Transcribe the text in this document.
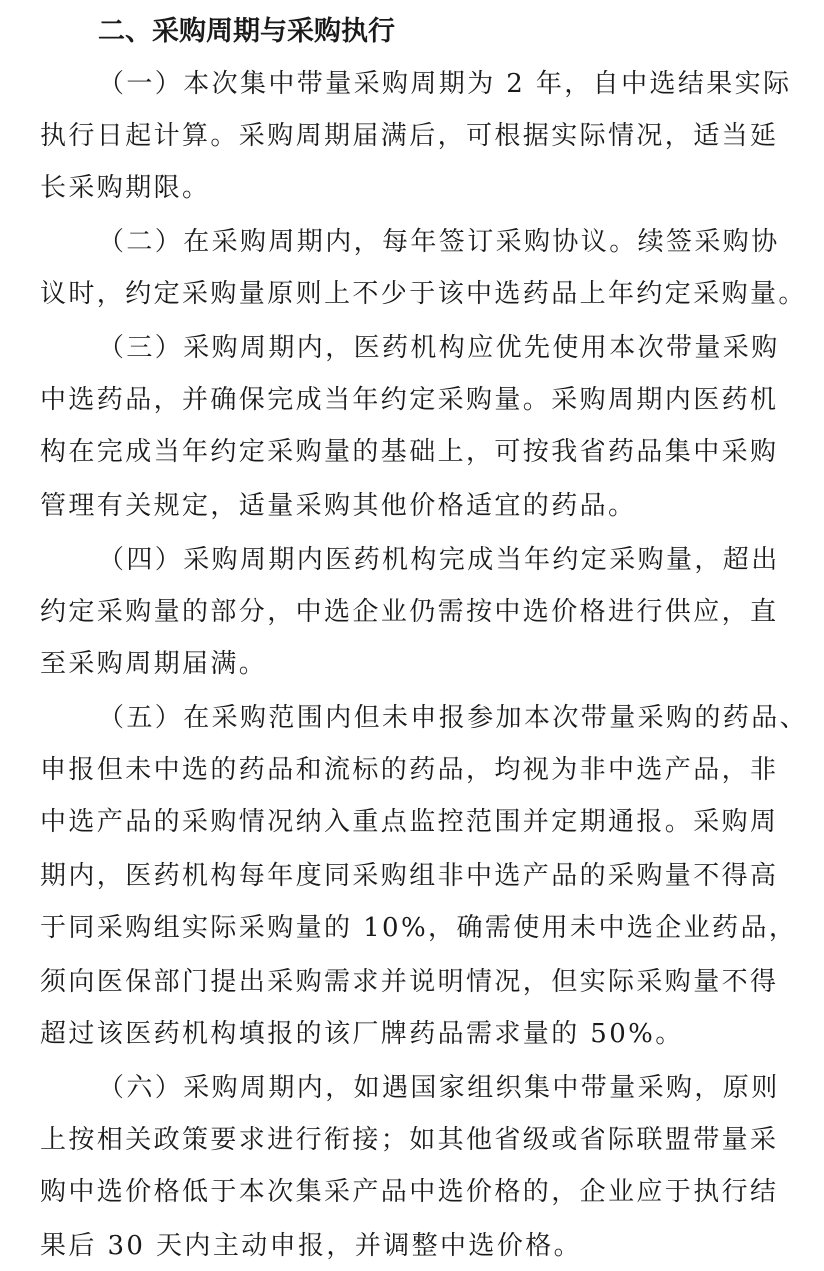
二、采购周期与采购执行
（一）本次集中带量采购周期为 2 年，自中选结果实际
执行日起计算。采购周期届满后，可根据实际情况，适当延
长采购期限。
（二）在采购周期内，每年签订采购协议。续签采购协
议时，约定采购量原则上不少于该中选药品上年约定采购量。
（三）采购周期内，医药机构应优先使用本次带量采购
中选药品，并确保完成当年约定采购量。采购周期内医药机
构在完成当年约定采购量的基础上，可按我省药品集中采购
管理有关规定，适量采购其他价格适宜的药品。
（四）采购周期内医药机构完成当年约定采购量，超出
约定采购量的部分，中选企业仍需按中选价格进行供应，直
至采购周期届满。
（五）在采购范围内但未申报参加本次带量采购的药品、
申报但未中选的药品和流标的药品，均视为非中选产品，非
中选产品的采购情况纳入重点监控范围并定期通报。采购周
期内，医药机构每年度同采购组非中选产品的采购量不得高
于同采购组实际采购量的 10%，确需使用未中选企业药品，
须向医保部门提出采购需求并说明情况，但实际采购量不得
超过该医药机构填报的该厂牌药品需求量的 50%。
（六）采购周期内，如遇国家组织集中带量采购，原则
上按相关政策要求进行衔接；如其他省级或省际联盟带量采
购中选价格低于本次集采产品中选价格的，企业应于执行结
果后 30 天内主动申报，并调整中选价格。
